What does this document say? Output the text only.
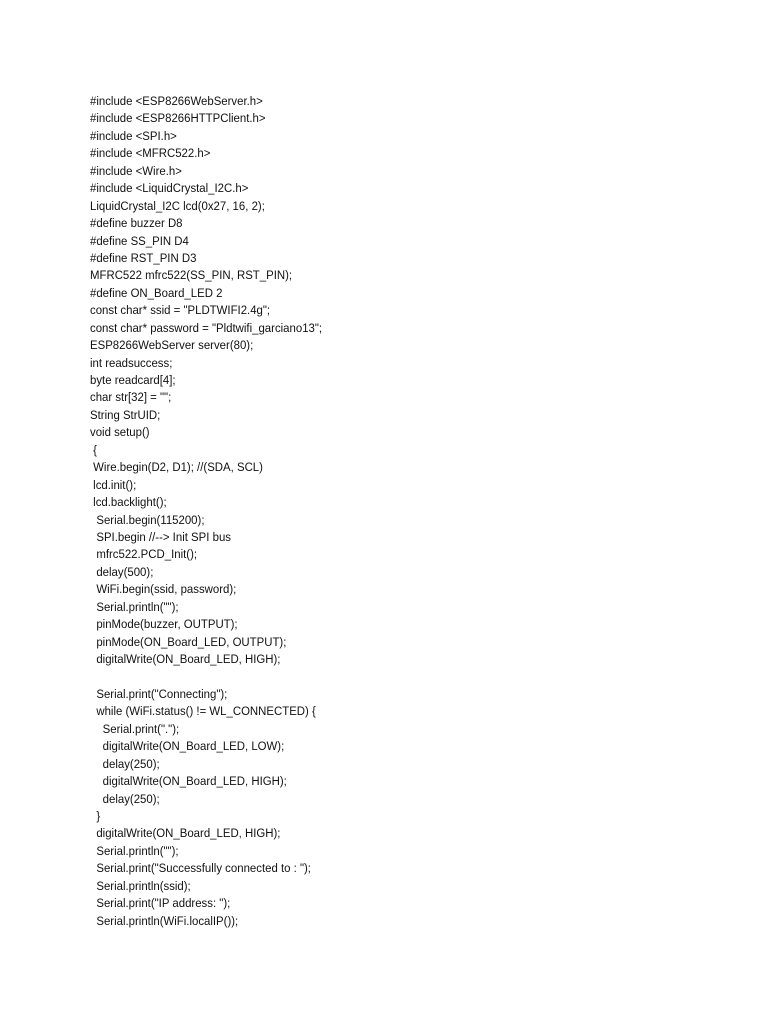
#include <ESP8266WebServer.h>
#include <ESP8266HTTPClient.h>
#include <SPI.h>
#include <MFRC522.h>
#include <Wire.h>
#include <LiquidCrystal_I2C.h>
LiquidCrystal_I2C lcd(0x27, 16, 2);
#define buzzer D8
#define SS_PIN D4
#define RST_PIN D3
MFRC522 mfrc522(SS_PIN, RST_PIN);
#define ON_Board_LED 2
const char* ssid = "PLDTWIFI2.4g";
const char* password = "Pldtwifi_garciano13";
ESP8266WebServer server(80);
int readsuccess;
byte readcard[4];
char str[32] = "";
String StrUID;
void setup()
{
Wire.begin(D2, D1); //(SDA, SCL)
lcd.init();
lcd.backlight();
Serial.begin(115200);
SPI.begin //--> Init SPI bus
mfrc522.PCD_Init();
delay(500);
WiFi.begin(ssid, password);
Serial.println("");
pinMode(buzzer, OUTPUT);
pinMode(ON_Board_LED, OUTPUT);
digitalWrite(ON_Board_LED, HIGH);
Serial.print("Connecting");
while (WiFi.status() != WL_CONNECTED) {
Serial.print(".");
digitalWrite(ON_Board_LED, LOW);
delay(250);
digitalWrite(ON_Board_LED, HIGH);
delay(250);
}
digitalWrite(ON_Board_LED, HIGH);
Serial.println("");
Serial.print("Successfully connected to : ");
Serial.println(ssid);
Serial.print("IP address: ");
Serial.println(WiFi.localIP());
